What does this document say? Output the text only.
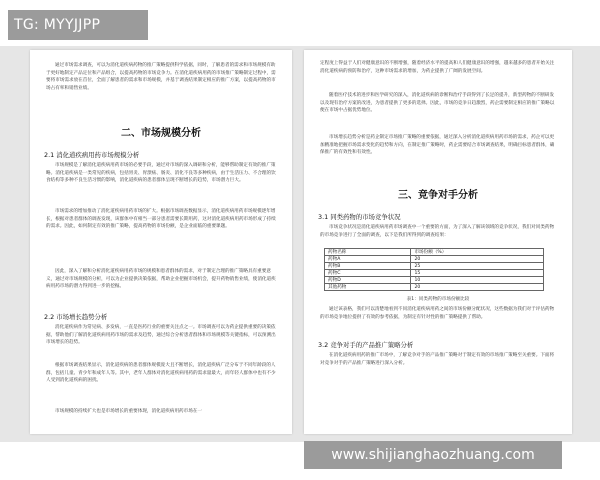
TG: MYYJJPP
通过市场需求调查，可以为消化道疾病药物的推广策略提供科学依据，同时，了解患者的需求和市场规模有助于更好地制定产品定位和产品组合，以提高药物的市场竞争力。在消化道疾病用药的市场推广策略制定过程中，需要将市场需求放在首位，全面了解患者的需求和市场规模，并基于调查结果制定相应的推广方案，以提高药物的市场占有率和销售业绩。
二、市场规模分析
2.1 消化道疾病用药市场规模分析
市场规模是了解消化道疾病用药市场的必要手段，通过对市场的深入调研和分析，能够帮助制定有效的推广策略。消化道疾病是一类常见的疾病，包括胃炎、胃溃疡、肠炎、消化不良等多种疾病，由于生活压力、不合理的饮食结构等多种不良生活习惯的影响，消化道疾病的患者群体呈现不断增长的趋势，市场潜力巨大。
市场需求的增加推动了消化道疾病用药市场的扩大。根据市场调查数据显示，消化道疾病用药市场规模逐年增长，根据对患者群体的调查发现，该群体中有相当一部分患者需要长期用药，这对消化道疾病用药市场形成了持续的需求。因此，如何制定有效的推广策略，提高药物的市场份额，是企业面临的重要课题。
因此，深入了解和分析消化道疾病用药市场的规模和患者群体的需求，对于制定合理的推广策略具有重要意义，通过对市场规模的分析，可以为企业提供决策依据，帮助企业把握市场机会，提升药物销售业绩，使消化道疾病用药市场的潜力得到进一步的挖掘。
2.2 市场增长趋势分析
消化道疾病作为常见病、多发病，一直是医药行业的重要关注点之一。市场调查可以为药企提供重要的决策依据，帮助他们了解消化道疾病用药市场的需求及趋势，通过综合分析患者群体和市场规模等关键指标，可以预测出市场增长的趋势。
根据市场调查结果显示，消化道疾病的患者群体规模庞大且不断增长，消化道疾病广泛分布于不同年龄段的人群，包括儿童、青少年和成年人等。其中，老年人群体对消化道疾病用药的需求量最大，而年轻人群体中也有不少人受到消化道疾病的困扰。
市场规模的持续扩大也是市场增长的重要体现，消化道疾病用药市场在一
定程度上得益于人们对健康意识的不断增强，随着经济水平的提高和人们健康意识的增强，越来越多的患者开始关注消化道疾病的预防和治疗，这种市场需求的增加，为药企提供了广阔的发展空间。
随着医疗技术的进步和医学研究的深入，消化道疾病的诊断和治疗手段得到了长足的提升，新型药物的不断研发以及现有治疗方案的改进，为患者提供了更多的选择。因此，市场的竞争日趋激烈，药企需要制定相应的推广策略以便在市场中占据优势地位。
市场增长趋势分析是药企制定市场推广策略的重要依据，通过深入分析消化道疾病用药市场的需求，药企可以更加精准地把握市场需求变化的趋势和方向，在制定推广策略时，药企需要结合市场调查结果，明确目标患者群体，确保推广的有效性和有效性。
三、竞争对手分析
3.1 同类药物的市场竞争状况
市场竞争状况是消化道疾病用药市场调查中一个重要的方面，为了深入了解该领域的竞争状况，我们对同类药物的市场竞争进行了全面的调查，以下是我们所得到的调查结果：
药物名称	市场份额（%）
药物A	20
药物B	25
药物C	15
药物D	10
其他药物	20
表1：同类药物的市场份额比较
通过该表格，我们可以清楚地看到不同消化道疾病用药之间的市场份额分配状况，这些数据为我们对于评估药物的市场竞争地位提供了有效的参考依据，为制定有针对性的推广策略提供了帮助。
3.2 竞争对手的产品推广策略分析
在消化道疾病用药的推广市场中，了解竞争对手的产品推广策略对于制定有效的市场推广策略至关重要。下面将对竞争对手的产品推广策略进行深入分析。
www.shijianghaozhuang.com
